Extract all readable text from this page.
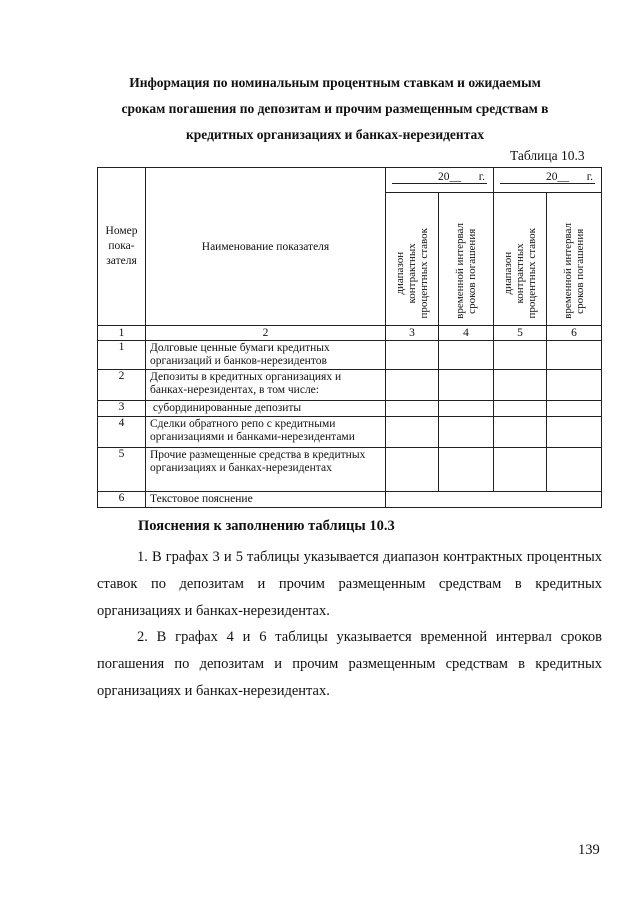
Информация по номинальным процентным ставкам и ожидаемым
срокам погашения по депозитам и прочим размещенным средствам в
кредитных организациях и банках-нерезидентах
Таблица 10.3
Номер
пока-
зателя	Наименование показателя	20__ г.		20__ г.	

		диапазон
контрактных
процентных ставок	временной интервал
сроков погашения	диапазон
контрактных
процентных ставок	временной интервал
сроков погашения

1	2	3	4	5	6
1	Долговые ценные бумаги кредитных организаций и банков-нерезидентов				
2	Депозиты в кредитных организациях и банках-нерезидентах, в том числе:				
3	субординированные депозиты				
4	Сделки обратного репо с кредитными организациями и банками-нерезидентами				
5	Прочие размещенные средства в кредитных организациях и банках-нерезидентах				
6	Текстовое пояснение				
Пояснения к заполнению таблицы 10.3
1. В графах 3 и 5 таблицы указывается диапазон контрактных процентных ставок по депозитам и прочим размещенным средствам в кредитных организациях и банках-нерезидентах.
2. В графах 4 и 6 таблицы указывается временной интервал сроков погашения по депозитам и прочим размещенным средствам в кредитных организациях и банках-нерезидентах.
139
